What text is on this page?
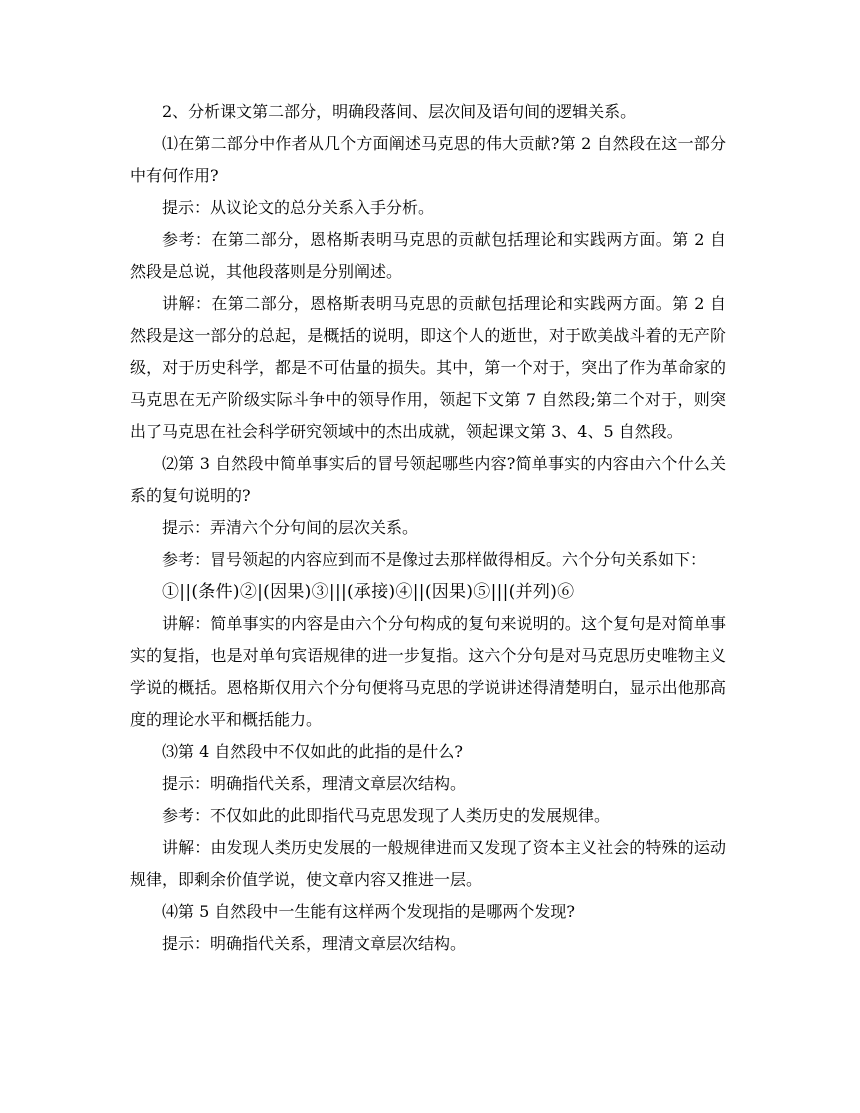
2、分析课文第二部分，明确段落间、层次间及语句间的逻辑关系。

⑴在第二部分中作者从几个方面阐述马克思的伟大贡献?第 2 自然段在这一部分中有何作用?

提示：从议论文的总分关系入手分析。

参考：在第二部分，恩格斯表明马克思的贡献包括理论和实践两方面。第 2 自然段是总说，其他段落则是分别阐述。

讲解：在第二部分，恩格斯表明马克思的贡献包括理论和实践两方面。第 2 自然段是这一部分的总起，是概括的说明，即这个人的逝世，对于欧美战斗着的无产阶级，对于历史科学，都是不可估量的损失。其中，第一个对于，突出了作为革命家的马克思在无产阶级实际斗争中的领导作用，领起下文第 7 自然段;第二个对于，则突出了马克思在社会科学研究领域中的杰出成就，领起课文第 3、4、5 自然段。

⑵第 3 自然段中简单事实后的冒号领起哪些内容?简单事实的内容由六个什么关系的复句说明的?

提示：弄清六个分句间的层次关系。

参考：冒号领起的内容应到而不是像过去那样做得相反。六个分句关系如下：

①||(条件)②|(因果)③|||(承接)④||(因果)⑤|||(并列)⑥

讲解：简单事实的内容是由六个分句构成的复句来说明的。这个复句是对简单事实的复指，也是对单句宾语规律的进一步复指。这六个分句是对马克思历史唯物主义学说的概括。恩格斯仅用六个分句便将马克思的学说讲述得清楚明白，显示出他那高度的理论水平和概括能力。

⑶第 4 自然段中不仅如此的此指的是什么?

提示：明确指代关系，理清文章层次结构。

参考：不仅如此的此即指代马克思发现了人类历史的发展规律。

讲解：由发现人类历史发展的一般规律进而又发现了资本主义社会的特殊的运动规律，即剩余价值学说，使文章内容又推进一层。

⑷第 5 自然段中一生能有这样两个发现指的是哪两个发现?

提示：明确指代关系，理清文章层次结构。
